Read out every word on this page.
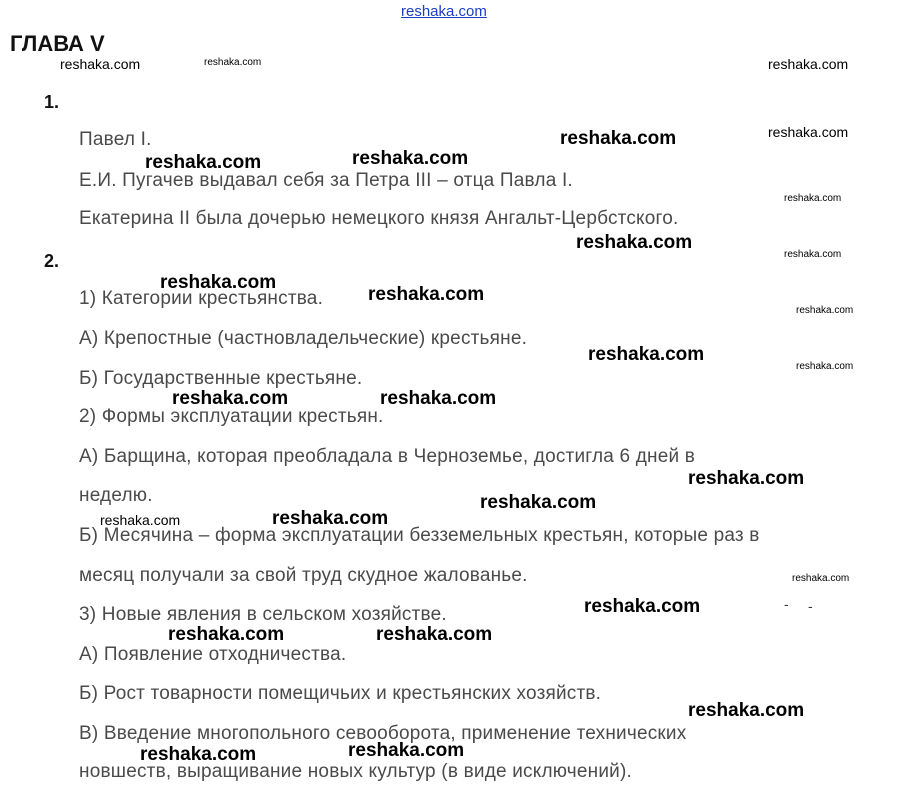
reshaka.com
ГЛАВА V
1.
Павел I.
Е.И. Пугачев выдавал себя за Петра III – отца Павла I.
Екатерина II была дочерью немецкого князя Ангальт-Цербстского.
2.
1) Категории крестьянства.
А) Крепостные (частновладельческие) крестьяне.
Б) Государственные крестьяне.
2) Формы эксплуатации крестьян.
А) Барщина, которая преобладала в Черноземье, достигла 6 дней в
неделю.
Б) Месячина – форма эксплуатации безземельных крестьян, которые раз в
месяц получали за свой труд скудное жалованье.
3) Новые явления в сельском хозяйстве.
А) Появление отходничества.
Б) Рост товарности помещичьих и крестьянских хозяйств.
В) Введение многопольного севооборота, применение технических
новшеств, выращивание новых культур (в виде исключений).
reshaka.com	reshaka.com	reshaka.com
reshaka.com	reshaka.com
reshaka.com	reshaka.com
reshaka.com
reshaka.com
reshaka.com
reshaka.com
reshaka.com
reshaka.com
reshaka.com
reshaka.com
reshaka.com	reshaka.com
reshaka.com
reshaka.com
reshaka.com	reshaka.com
reshaka.com
reshaka.com	- -
reshaka.com	reshaka.com
reshaka.com
reshaka.com	reshaka.com
